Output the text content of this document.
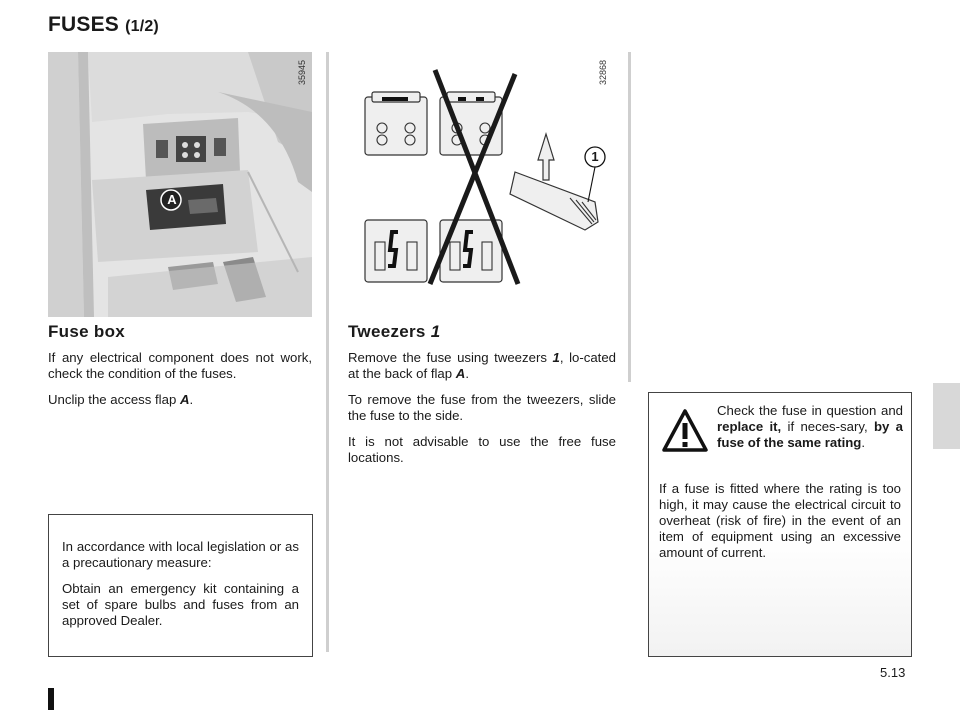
FUSES (1/2)
A
35945
1
32868
Fuse box

If any electrical component does not work, check the condition of the fuses.

Unclip the access flap A.

Tweezers 1

Remove the fuse using tweezers 1, lo-cated at the back of flap A.

To remove the fuse from the tweezers, slide the fuse to the side.

It is not advisable to use the free fuse locations.

In accordance with local legislation or as a precautionary measure:

Obtain an emergency kit containing a set of spare bulbs and fuses from an approved Dealer.

Check the fuse in question and replace it, if neces-sary, by a fuse of the same rating.

If a fuse is fitted where the rating is too high, it may cause the electrical circuit to overheat (risk of fire) in the event of an item of equipment using an excessive amount of current.

5.13
